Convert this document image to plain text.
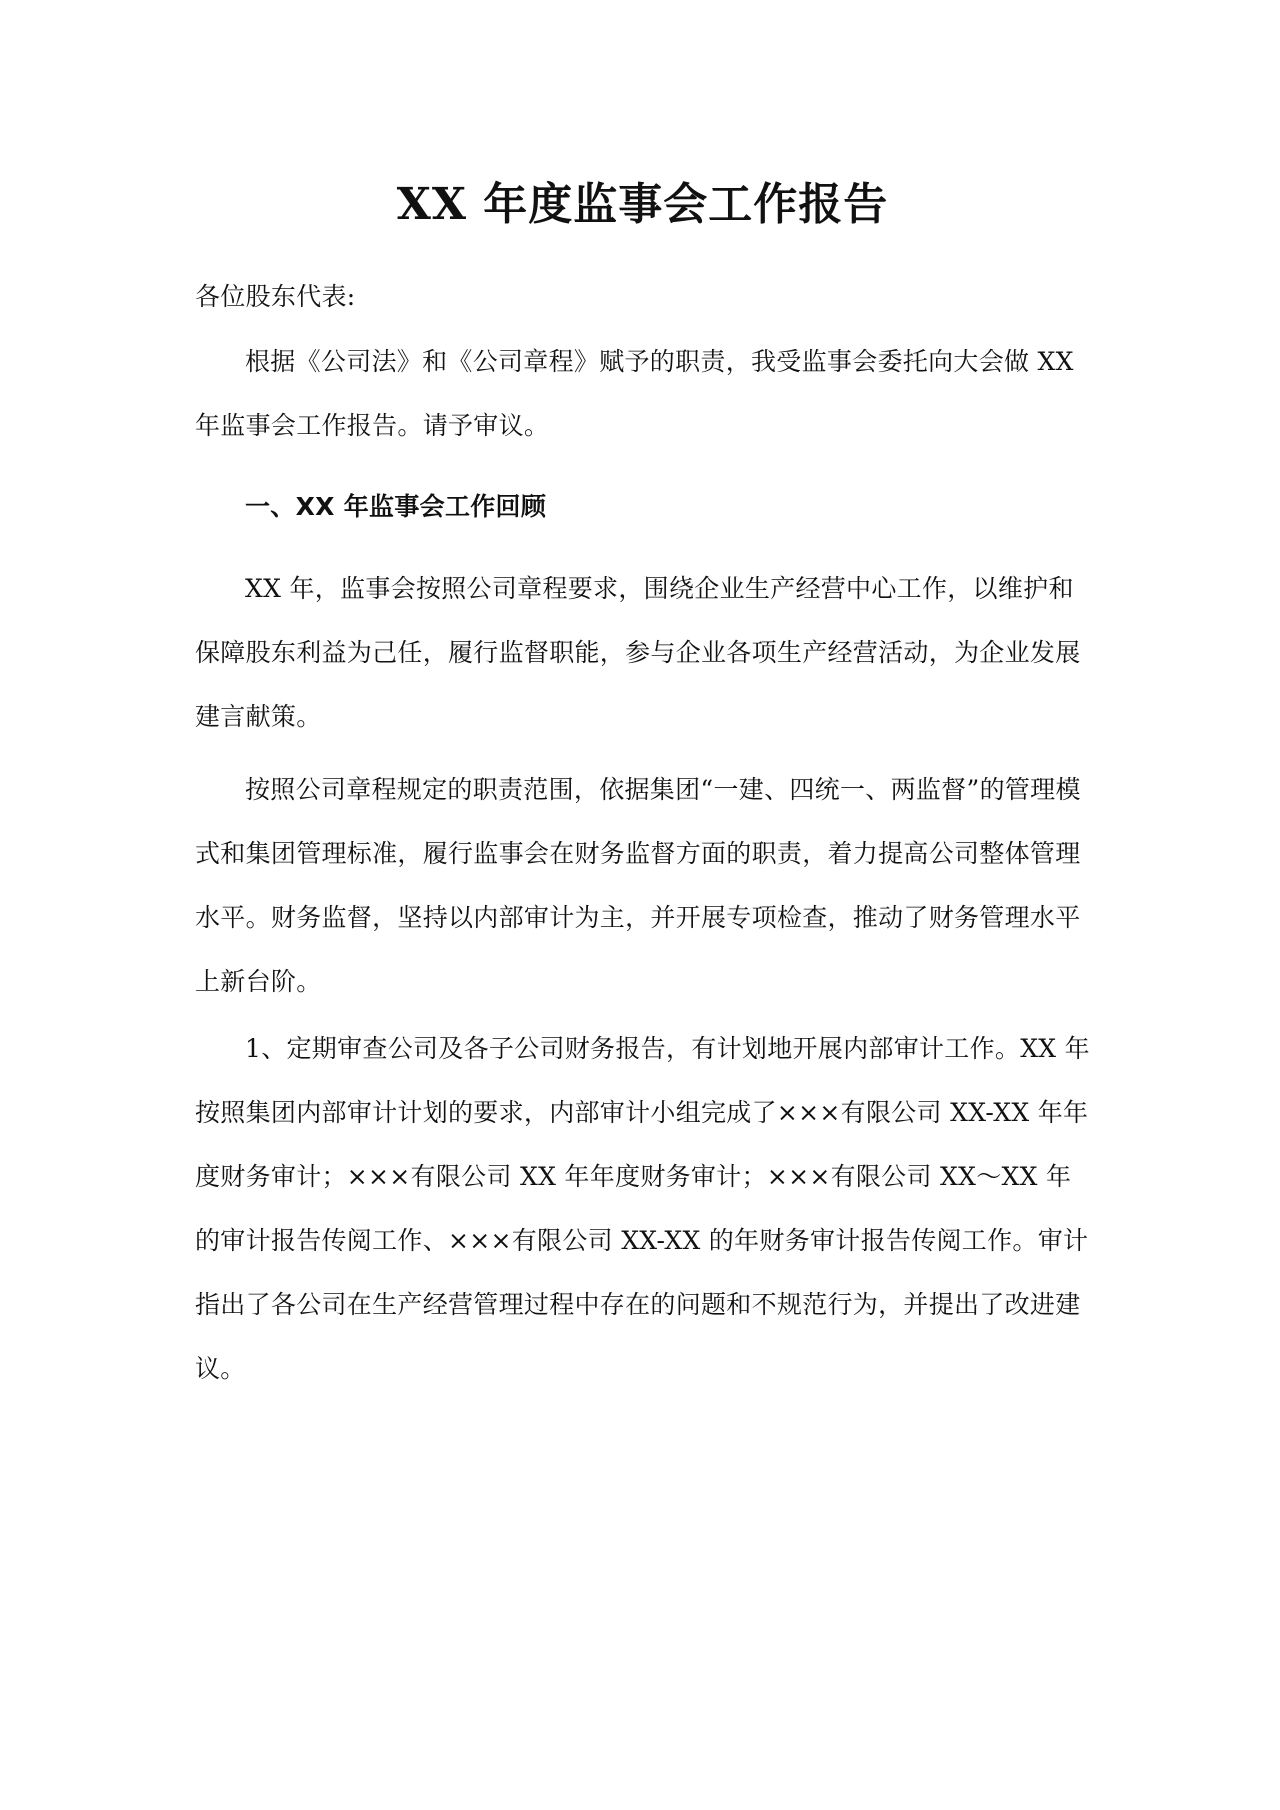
XX 年度监事会工作报告

各位股东代表:

根据《公司法》和《公司章程》赋予的职责，我受监事会委托向大会做 XX 年监事会工作报告。请予审议。

一、XX 年监事会工作回顾

XX 年，监事会按照公司章程要求，围绕企业生产经营中心工作，以维护和保障股东利益为己任，履行监督职能，参与企业各项生产经营活动，为企业发展建言献策。

按照公司章程规定的职责范围，依据集团“一建、四统一、两监督”的管理模式和集团管理标准，履行监事会在财务监督方面的职责，着力提高公司整体管理水平。财务监督，坚持以内部审计为主，并开展专项检查，推动了财务管理水平上新台阶。

1、定期审查公司及各子公司财务报告，有计划地开展内部审计工作。XX 年按照集团内部审计计划的要求，内部审计小组完成了×××有限公司 XX-XX 年年度财务审计；×××有限公司 XX 年年度财务审计；×××有限公司 XX～XX 年的审计报告传阅工作、×××有限公司 XX-XX 的年财务审计报告传阅工作。审计指出了各公司在生产经营管理过程中存在的问题和不规范行为，并提出了改进建议。
